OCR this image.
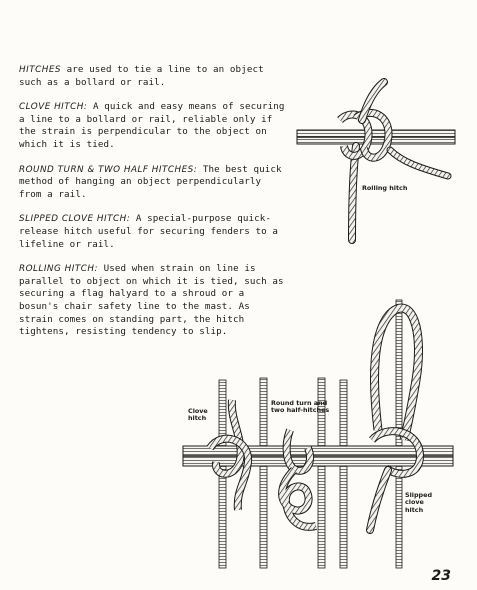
HITCHES are used to tie a line to an object such as a bollard or rail.

CLOVE HITCH: A quick and easy means of securing a line to a bollard or rail, reliable only if the strain is perpendicular to the object on which it is tied.

ROUND TURN & TWO HALF HITCHES: The best quick method of hanging an object perpendicularly from a rail.

SLIPPED CLOVE HITCH: A special-purpose quick-release hitch useful for securing fenders to a lifeline or rail.

ROLLING HITCH: Used when strain on line is parallel to object on which it is tied, such as securing a flag halyard to a shroud or a bosun's chair safety line to the mast. As strain comes on standing part, the hitch tightens, resisting tendency to slip.

Rolling hitch
Clove hitch
Round turn and two half-hitches
Slipped clove hitch
23
